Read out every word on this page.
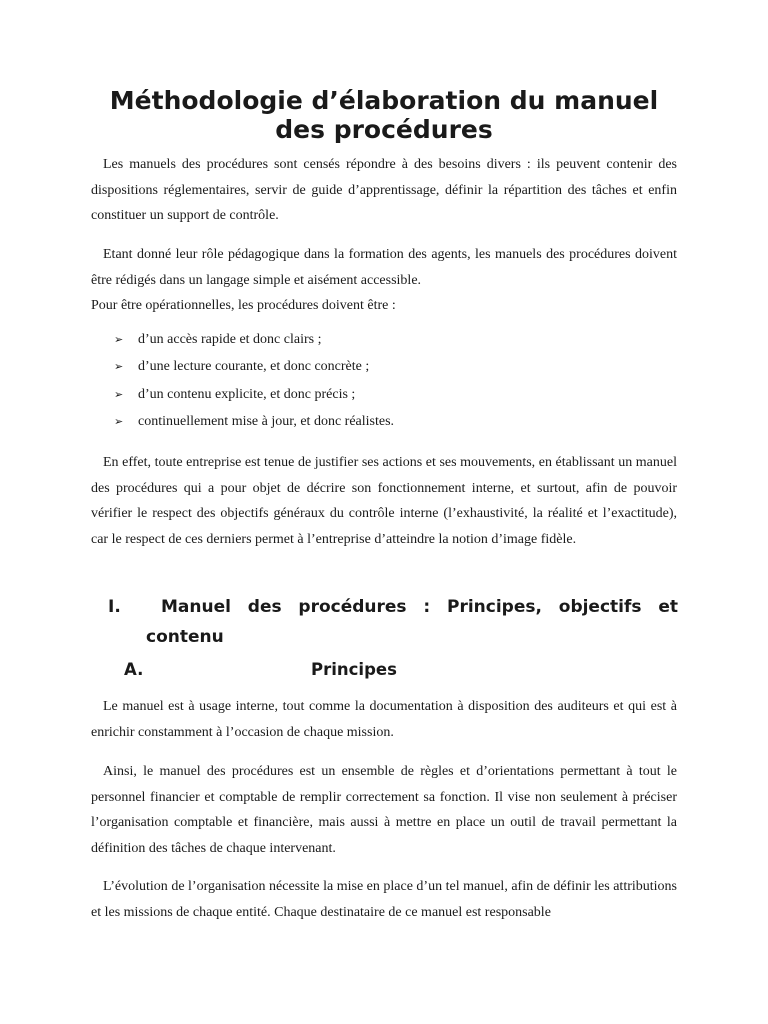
Méthodologie d’élaboration du manuel des procédures

Les manuels des procédures sont censés répondre à des besoins divers : ils peuvent contenir des dispositions réglementaires, servir de guide d’apprentissage, définir la répartition des tâches et enfin constituer un support de contrôle.

Etant donné leur rôle pédagogique dans la formation des agents, les manuels des procédures doivent être rédigés dans un langage simple et aisément accessible.

Pour être opérationnelles, les procédures doivent être :

➢	d’un accès rapide et donc clairs ;
➢	d’une lecture courante, et donc concrète ;
➢	d’un contenu explicite, et donc précis ;
➢	continuellement mise à jour, et donc réalistes.

En effet, toute entreprise est tenue de justifier ses actions et ses mouvements, en établissant un manuel des procédures qui a pour objet de décrire son fonctionnement interne, et surtout, afin de pouvoir vérifier le respect des objectifs généraux du contrôle interne (l’exhaustivité, la réalité et l’exactitude), car le respect de ces derniers permet à l’entreprise d’atteindre la notion d’image fidèle.

I. Manuel des procédures : Principes, objectifs et
contenu
A.	Principes

Le manuel est à usage interne, tout comme la documentation à disposition des auditeurs et qui est à enrichir constamment à l’occasion de chaque mission.

Ainsi, le manuel des procédures est un ensemble de règles et d’orientations permettant à tout le personnel financier et comptable de remplir correctement sa fonction. Il vise non seulement à préciser l’organisation comptable et financière, mais aussi à mettre en place un outil de travail permettant la définition des tâches de chaque intervenant.

L’évolution de l’organisation nécessite la mise en place d’un tel manuel, afin de définir les attributions et les missions de chaque entité. Chaque destinataire de ce manuel est responsable
